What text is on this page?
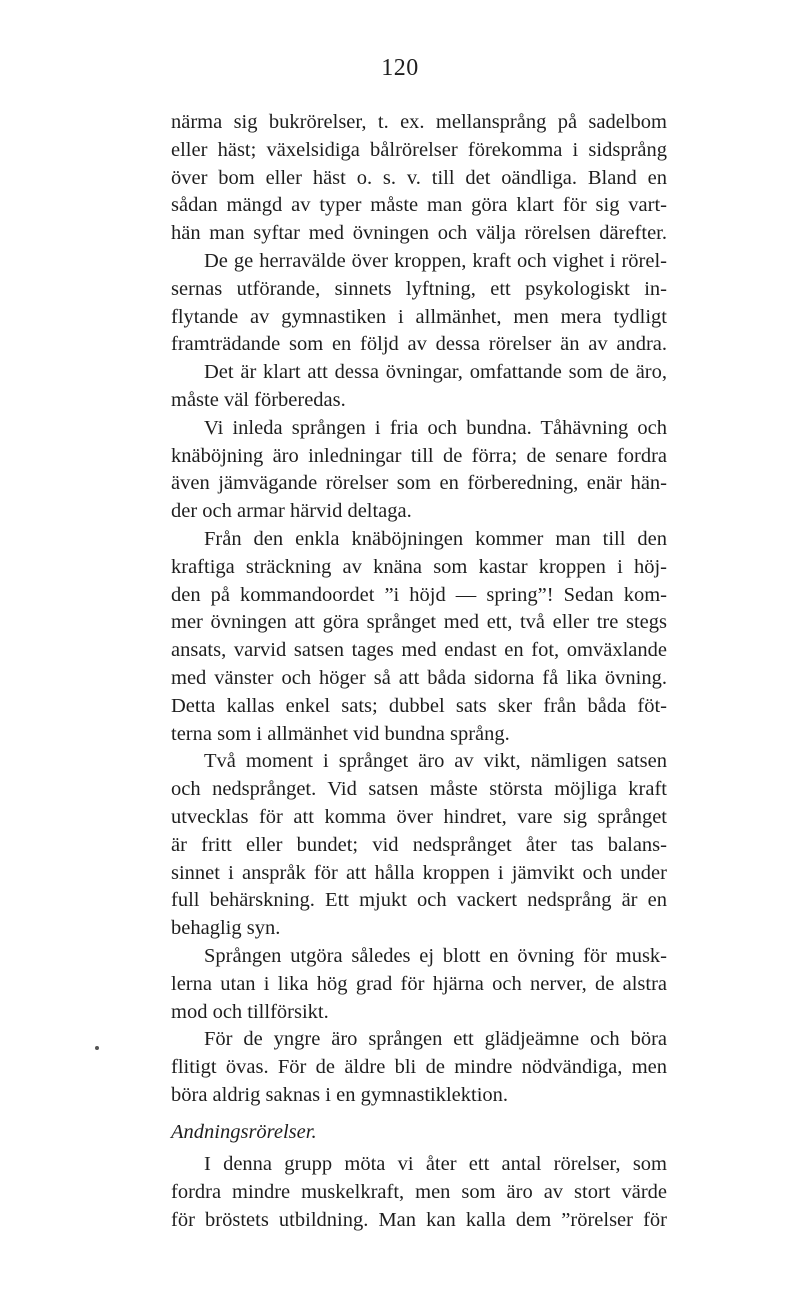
120
närma sig bukrörelser, t. ex. mellansprång på sadelbom
eller häst; växelsidiga bålrörelser förekomma i sidsprång
över bom eller häst o. s. v. till det oändliga. Bland en
sådan mängd av typer måste man göra klart för sig vart-
hän man syftar med övningen och välja rörelsen därefter.
De ge herravälde över kroppen, kraft och vighet i rörel-
sernas utförande, sinnets lyftning, ett psykologiskt in-
flytande av gymnastiken i allmänhet, men mera tydligt
framträdande som en följd av dessa rörelser än av andra.
Det är klart att dessa övningar, omfattande som de äro,
måste väl förberedas.
Vi inleda sprången i fria och bundna. Tåhävning och
knäböjning äro inledningar till de förra; de senare fordra
även jämvägande rörelser som en förberedning, enär hän-
der och armar härvid deltaga.
Från den enkla knäböjningen kommer man till den
kraftiga sträckning av knäna som kastar kroppen i höj-
den på kommandoordet ”i höjd — spring”! Sedan kom-
mer övningen att göra språnget med ett, två eller tre stegs
ansats, varvid satsen tages med endast en fot, omväxlande
med vänster och höger så att båda sidorna få lika övning.
Detta kallas enkel sats; dubbel sats sker från båda föt-
terna som i allmänhet vid bundna språng.
Två moment i språnget äro av vikt, nämligen satsen
och nedsprånget. Vid satsen måste största möjliga kraft
utvecklas för att komma över hindret, vare sig språnget
är fritt eller bundet; vid nedsprånget åter tas balans-
sinnet i anspråk för att hålla kroppen i jämvikt och under
full behärskning. Ett mjukt och vackert nedsprång är en
behaglig syn.
Sprången utgöra således ej blott en övning för musk-
lerna utan i lika hög grad för hjärna och nerver, de alstra
mod och tillförsikt.
För de yngre äro sprången ett glädjeämne och böra
flitigt övas. För de äldre bli de mindre nödvändiga, men
böra aldrig saknas i en gymnastiklektion.
Andningsrörelser.
I denna grupp möta vi åter ett antal rörelser, som
fordra mindre muskelkraft, men som äro av stort värde
för bröstets utbildning. Man kan kalla dem ”rörelser för
